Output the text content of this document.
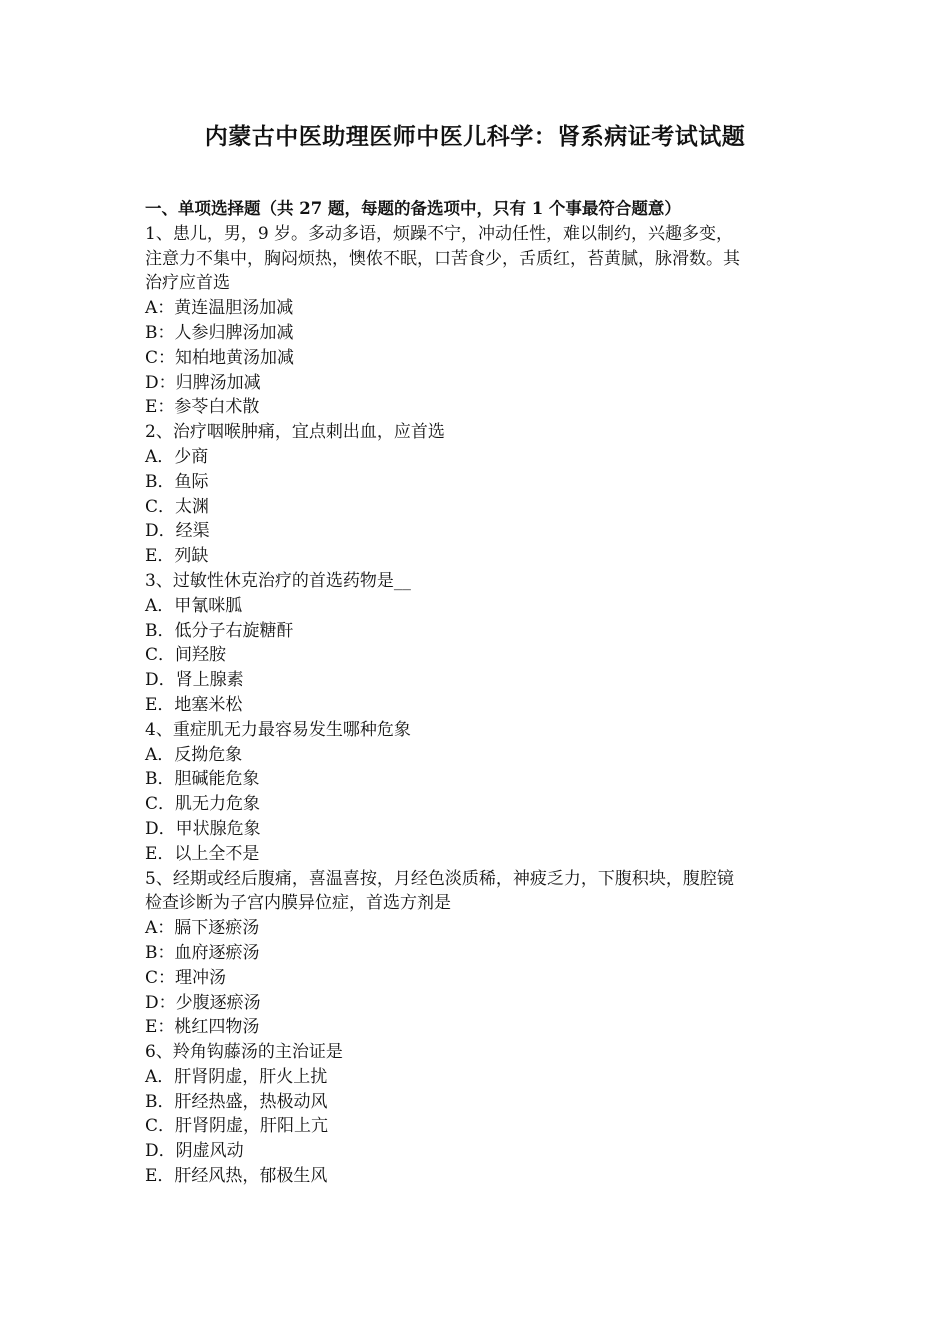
内蒙古中医助理医师中医儿科学：肾系病证考试试题
一、单项选择题（共 27 题，每题的备选项中，只有 1 个事最符合题意）
1、患儿，男，9 岁。多动多语，烦躁不宁，冲动任性，难以制约，兴趣多变，
注意力不集中，胸闷烦热，懊侬不眠，口苦食少，舌质红，苔黄腻，脉滑数。其
治疗应首选
A：黄连温胆汤加减
B：人参归脾汤加减
C：知柏地黄汤加减
D：归脾汤加减
E：参苓白术散
2、治疗咽喉肿痛，宜点刺出血，应首选
A．少商
B．鱼际
C．太渊
D．经渠
E．列缺
3、过敏性休克治疗的首选药物是__
A．甲氰咪胍
B．低分子右旋糖酐
C．间羟胺
D．肾上腺素
E．地塞米松
4、重症肌无力最容易发生哪种危象
A．反拗危象
B．胆碱能危象
C．肌无力危象
D．甲状腺危象
E．以上全不是
5、经期或经后腹痛，喜温喜按，月经色淡质稀，神疲乏力，下腹积块，腹腔镜
检查诊断为子宫内膜异位症，首选方剂是
A：膈下逐瘀汤
B：血府逐瘀汤
C：理冲汤
D：少腹逐瘀汤
E：桃红四物汤
6、羚角钩藤汤的主治证是
A．肝肾阴虚，肝火上扰
B．肝经热盛，热极动风
C．肝肾阴虚，肝阳上亢
D．阴虚风动
E．肝经风热，郁极生风
